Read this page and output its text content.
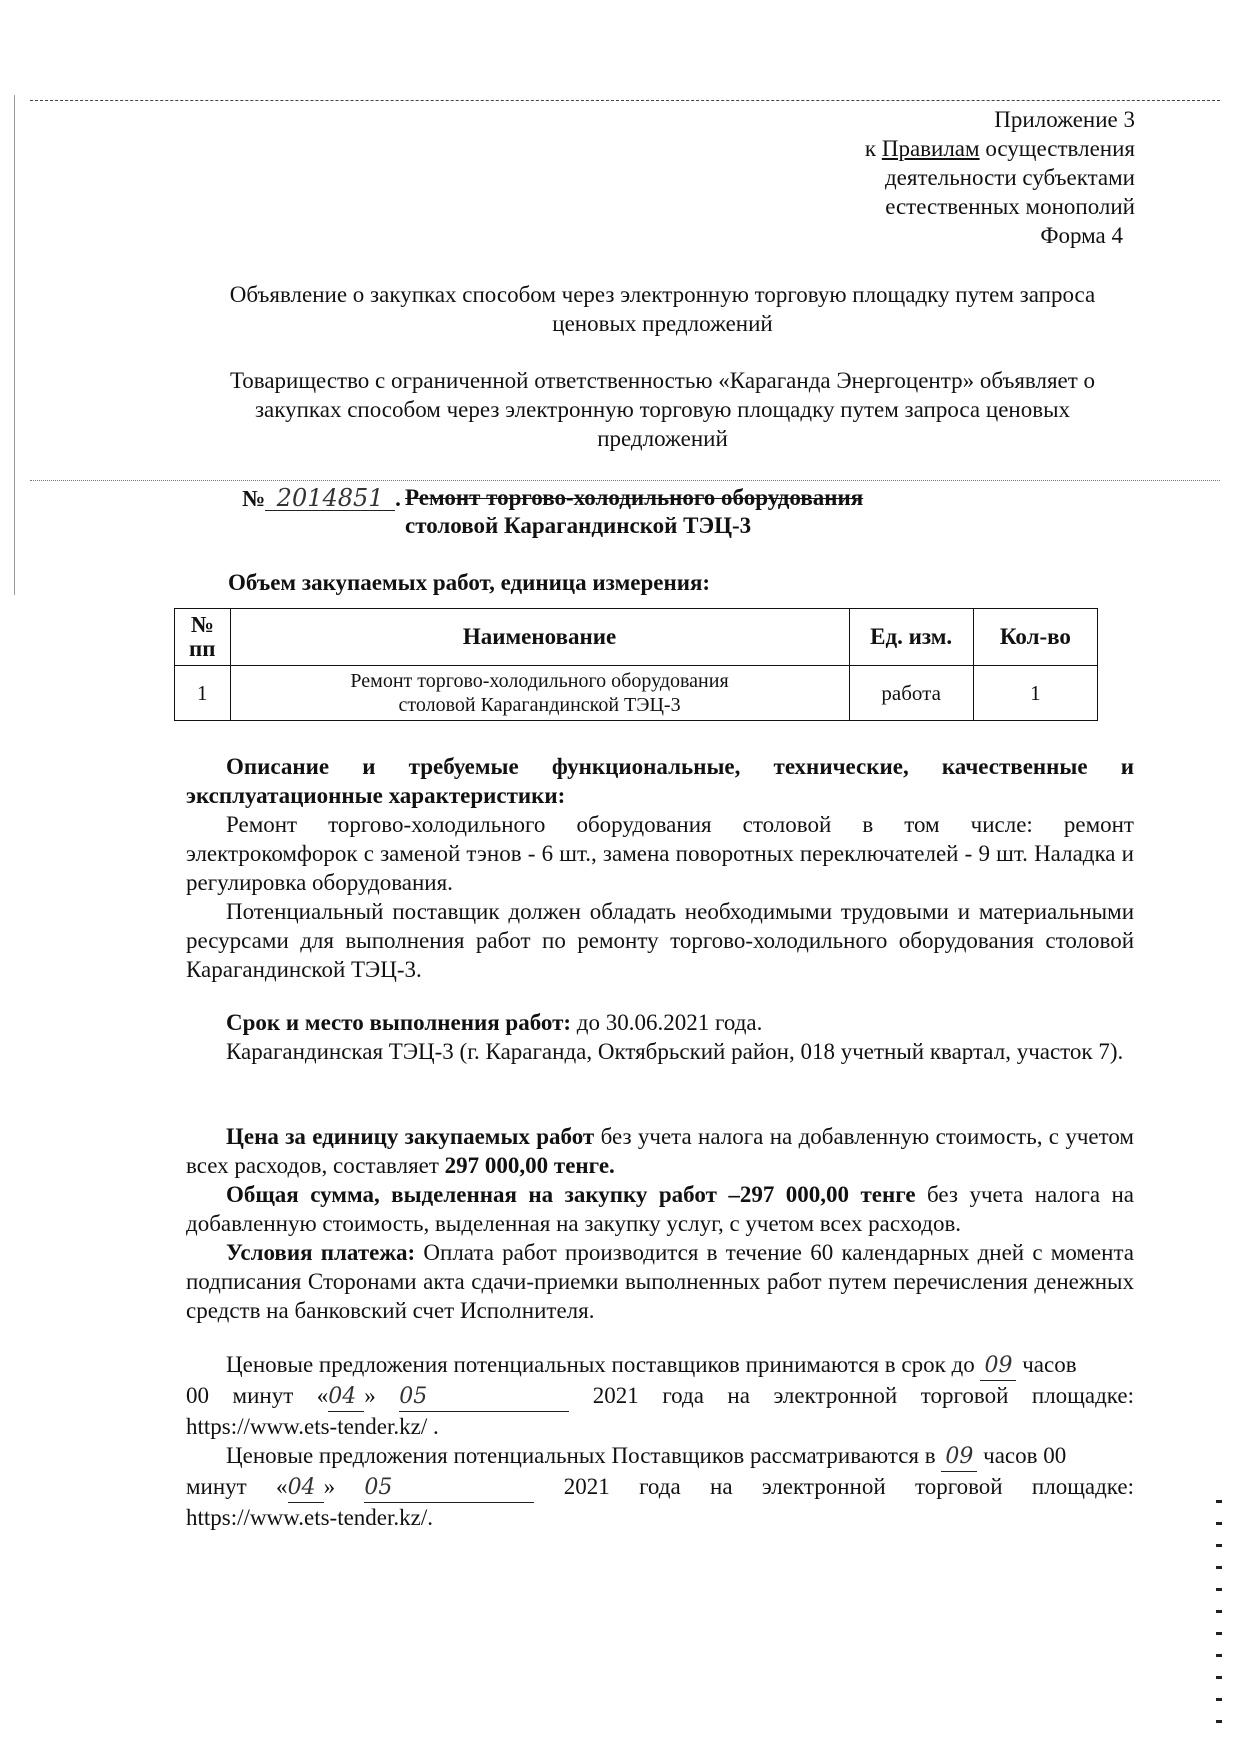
Приложение 3
к Правилам осуществления
деятельности субъектами
естественных монополий
Форма 4
Объявление о закупках способом через электронную торговую площадку путем запроса
ценовых предложений
Товарищество с ограниченной ответственностью «Караганда Энергоцентр» объявляет о
закупках способом через электронную торговую площадку путем запроса ценовых
предложений
№ 2014851 . Ремонт торгово-холодильного оборудования
столовой Карагандинской ТЭЦ-3
Объем закупаемых работ, единица измерения:
№
пп	Наименование	Ед. изм.	Кол-во
1	Ремонт торгово-холодильного оборудования
столовой Карагандинской ТЭЦ-3	работа	1

Описание и требуемые функциональные, технические, качественные и эксплуатационные характеристики:

Ремонт торгово-холодильного оборудования столовой в том числе: ремонт электрокомфорок с заменой тэнов - 6 шт., замена поворотных переключателей - 9 шт. Наладка и регулировка оборудования.

Потенциальный поставщик должен обладать необходимыми трудовыми и материальными ресурсами для выполнения работ по ремонту торгово-холодильного оборудования столовой Карагандинской ТЭЦ-3.

Срок и место выполнения работ: до 30.06.2021 года.

Карагандинская ТЭЦ-3 (г. Караганда, Октябрьский район, 018 учетный квартал, участок 7).

Цена за единицу закупаемых работ без учета налога на добавленную стоимость, с учетом всех расходов, составляет 297 000,00 тенге.

Общая сумма, выделенная на закупку работ –297 000,00 тенге без учета налога на добавленную стоимость, выделенная на закупку услуг, с учетом всех расходов.

Условия платежа: Оплата работ производится в течение 60 календарных дней с момента подписания Сторонами акта сдачи-приемки выполненных работ путем перечисления денежных средств на банковский счет Исполнителя.

Ценовые предложения потенциальных поставщиков принимаются в срок до 09 часов
00 минут «04 » 05	2021 года на электронной торговой площадке:
https://www.ets-tender.kz/ .
Ценовые предложения потенциальных Поставщиков рассматриваются в 09 часов 00
минут «04 » 05	2021 года на электронной торговой площадке:
https://www.ets-tender.kz/.
